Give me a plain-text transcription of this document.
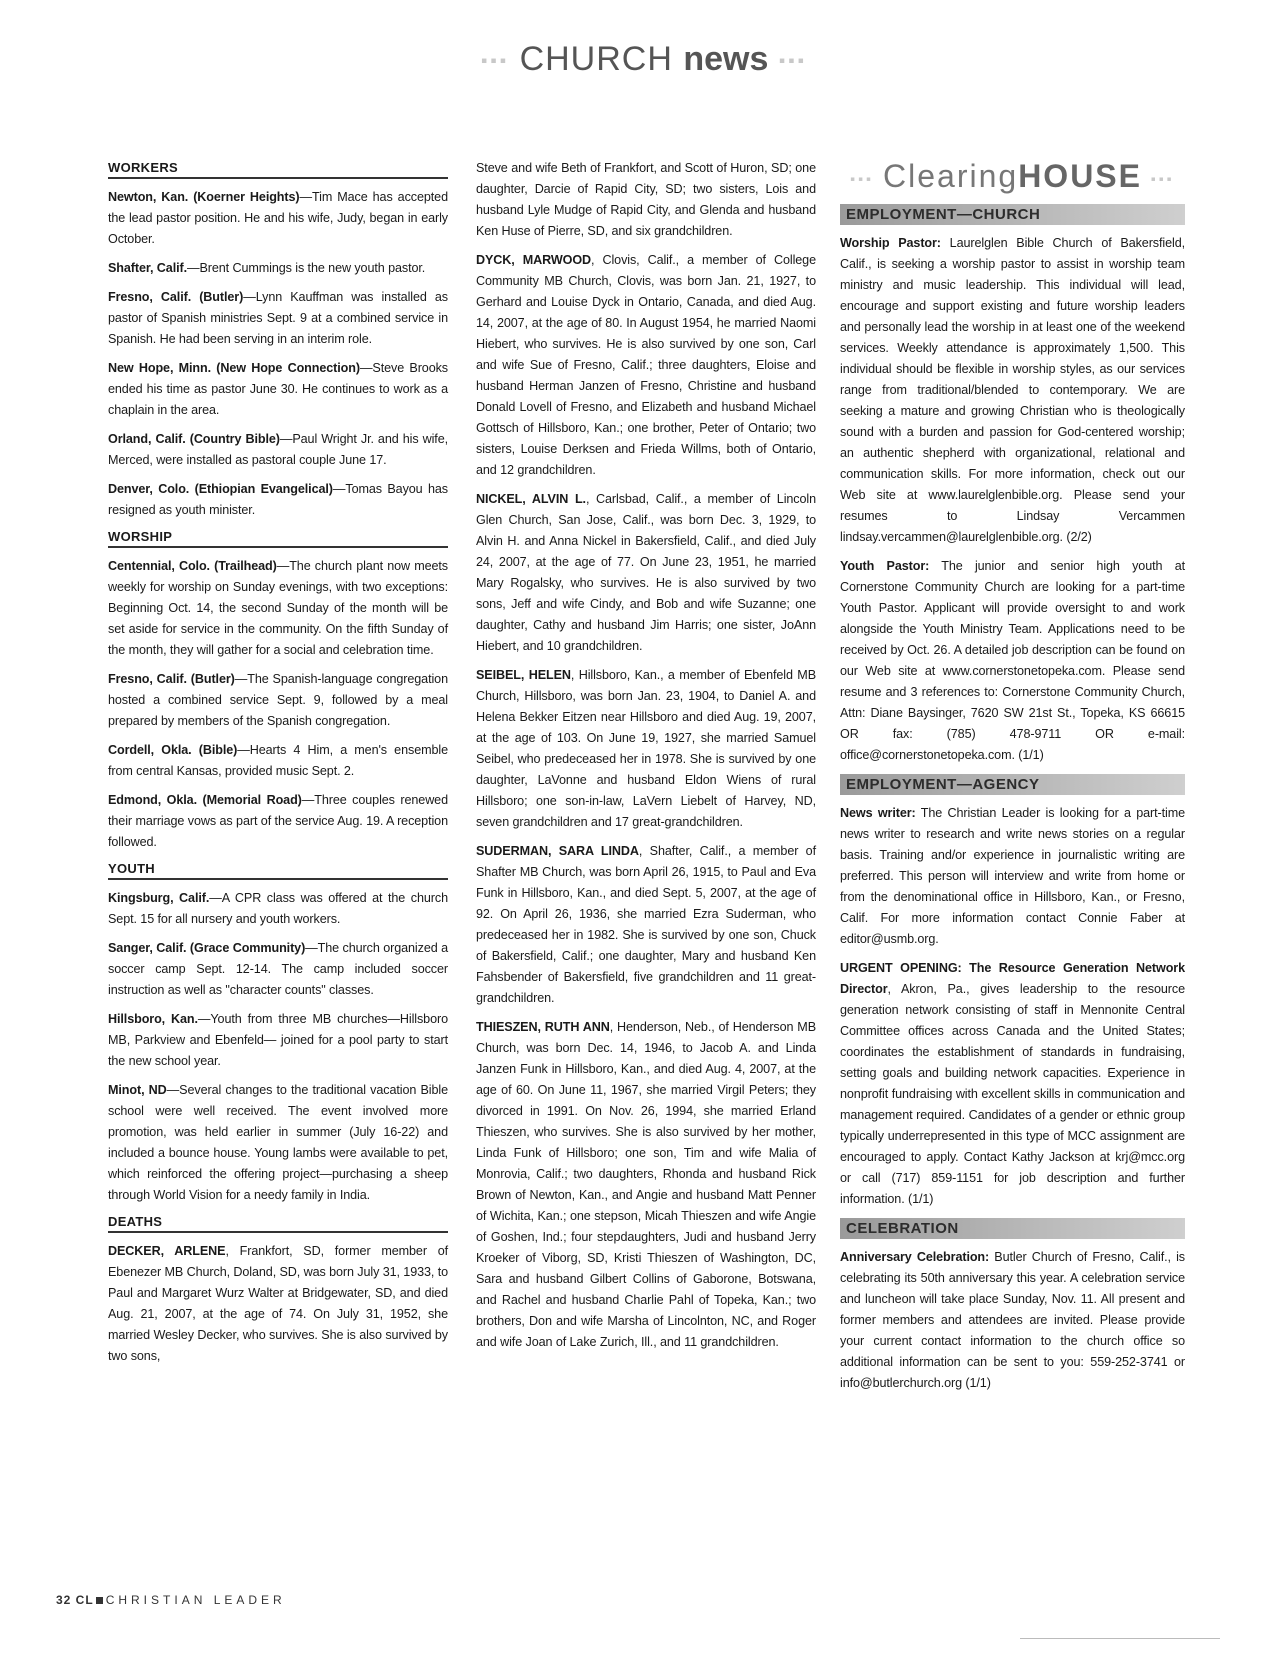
▪▪▪ CHURCH news ▪▪▪
WORKERS

Newton, Kan. (Koerner Heights)—Tim Mace has accepted the lead pastor position. He and his wife, Judy, began in early October.

Shafter, Calif.—Brent Cummings is the new youth pastor.

Fresno, Calif. (Butler)—Lynn Kauffman was installed as pastor of Spanish ministries Sept. 9 at a combined service in Spanish. He had been serving in an interim role.

New Hope, Minn. (New Hope Connection)—Steve Brooks ended his time as pastor June 30. He continues to work as a chaplain in the area.

Orland, Calif. (Country Bible)—Paul Wright Jr. and his wife, Merced, were installed as pastoral couple June 17.

Denver, Colo. (Ethiopian Evangelical)—Tomas Bayou has resigned as youth minister.

WORSHIP

Centennial, Colo. (Trailhead)—The church plant now meets weekly for worship on Sunday evenings, with two exceptions: Beginning Oct. 14, the second Sunday of the month will be set aside for service in the community. On the fifth Sunday of the month, they will gather for a social and celebration time.

Fresno, Calif. (Butler)—The Spanish-language congregation hosted a combined service Sept. 9, followed by a meal prepared by members of the Spanish congregation.

Cordell, Okla. (Bible)—Hearts 4 Him, a men's ensemble from central Kansas, provided music Sept. 2.

Edmond, Okla. (Memorial Road)—Three couples renewed their marriage vows as part of the service Aug. 19. A reception followed.

YOUTH

Kingsburg, Calif.—A CPR class was offered at the church Sept. 15 for all nursery and youth workers.

Sanger, Calif. (Grace Community)—The church organized a soccer camp Sept. 12-14. The camp included soccer instruction as well as "character counts" classes.

Hillsboro, Kan.—Youth from three MB churches—Hillsboro MB, Parkview and Ebenfeld— joined for a pool party to start the new school year.

Minot, ND—Several changes to the traditional vacation Bible school were well received. The event involved more promotion, was held earlier in summer (July 16-22) and included a bounce house. Young lambs were available to pet, which reinforced the offering project—purchasing a sheep through World Vision for a needy family in India.

DEATHS

DECKER, ARLENE, Frankfort, SD, former member of Ebenezer MB Church, Doland, SD, was born July 31, 1933, to Paul and Margaret Wurz Walter at Bridgewater, SD, and died Aug. 21, 2007, at the age of 74. On July 31, 1952, she married Wesley Decker, who survives. She is also survived by two sons,

Steve and wife Beth of Frankfort, and Scott of Huron, SD; one daughter, Darcie of Rapid City, SD; two sisters, Lois and husband Lyle Mudge of Rapid City, and Glenda and husband Ken Huse of Pierre, SD, and six grandchildren.

DYCK, MARWOOD, Clovis, Calif., a member of College Community MB Church, Clovis, was born Jan. 21, 1927, to Gerhard and Louise Dyck in Ontario, Canada, and died Aug. 14, 2007, at the age of 80. In August 1954, he married Naomi Hiebert, who survives. He is also survived by one son, Carl and wife Sue of Fresno, Calif.; three daughters, Eloise and husband Herman Janzen of Fresno, Christine and husband Donald Lovell of Fresno, and Elizabeth and husband Michael Gottsch of Hillsboro, Kan.; one brother, Peter of Ontario; two sisters, Louise Derksen and Frieda Willms, both of Ontario, and 12 grandchildren.

NICKEL, ALVIN L., Carlsbad, Calif., a member of Lincoln Glen Church, San Jose, Calif., was born Dec. 3, 1929, to Alvin H. and Anna Nickel in Bakersfield, Calif., and died July 24, 2007, at the age of 77. On June 23, 1951, he married Mary Rogalsky, who survives. He is also survived by two sons, Jeff and wife Cindy, and Bob and wife Suzanne; one daughter, Cathy and husband Jim Harris; one sister, JoAnn Hiebert, and 10 grandchildren.

SEIBEL, HELEN, Hillsboro, Kan., a member of Ebenfeld MB Church, Hillsboro, was born Jan. 23, 1904, to Daniel A. and Helena Bekker Eitzen near Hillsboro and died Aug. 19, 2007, at the age of 103. On June 19, 1927, she married Samuel Seibel, who predeceased her in 1978. She is survived by one daughter, LaVonne and husband Eldon Wiens of rural Hillsboro; one son-in-law, LaVern Liebelt of Harvey, ND, seven grandchildren and 17 great-grandchildren.

SUDERMAN, SARA LINDA, Shafter, Calif., a member of Shafter MB Church, was born April 26, 1915, to Paul and Eva Funk in Hillsboro, Kan., and died Sept. 5, 2007, at the age of 92. On April 26, 1936, she married Ezra Suderman, who predeceased her in 1982. She is survived by one son, Chuck of Bakersfield, Calif.; one daughter, Mary and husband Ken Fahsbender of Bakersfield, five grandchildren and 11 great-grandchildren.

THIESZEN, RUTH ANN, Henderson, Neb., of Henderson MB Church, was born Dec. 14, 1946, to Jacob A. and Linda Janzen Funk in Hillsboro, Kan., and died Aug. 4, 2007, at the age of 60. On June 11, 1967, she married Virgil Peters; they divorced in 1991. On Nov. 26, 1994, she married Erland Thieszen, who survives. She is also survived by her mother, Linda Funk of Hillsboro; one son, Tim and wife Malia of Monrovia, Calif.; two daughters, Rhonda and husband Rick Brown of Newton, Kan., and Angie and husband Matt Penner of Wichita, Kan.; one stepson, Micah Thieszen and wife Angie of Goshen, Ind.; four stepdaughters, Judi and husband Jerry Kroeker of Viborg, SD, Kristi Thieszen of Washington, DC, Sara and husband Gilbert Collins of Gaborone, Botswana, and Rachel and husband Charlie Pahl of Topeka, Kan.; two brothers, Don and wife Marsha of Lincolnton, NC, and Roger and wife Joan of Lake Zurich, Ill., and 11 grandchildren.

▪▪▪ ClearingHOUSE ▪▪▪
EMPLOYMENT—CHURCH

Worship Pastor: Laurelglen Bible Church of Bakersfield, Calif., is seeking a worship pastor to assist in worship team ministry and music leadership. This individual will lead, encourage and support existing and future worship leaders and personally lead the worship in at least one of the weekend services. Weekly attendance is approximately 1,500. This individual should be flexible in worship styles, as our services range from traditional/blended to contemporary. We are seeking a mature and growing Christian who is theologically sound with a burden and passion for God-centered worship; an authentic shepherd with organizational, relational and communication skills. For more information, check out our Web site at www.laurelglenbible.org. Please send your resumes to Lindsay Vercammen lindsay.vercammen@laurelglenbible.org. (2/2)

Youth Pastor: The junior and senior high youth at Cornerstone Community Church are looking for a part-time Youth Pastor. Applicant will provide oversight to and work alongside the Youth Ministry Team. Applications need to be received by Oct. 26. A detailed job description can be found on our Web site at www.cornerstonetopeka.com. Please send resume and 3 references to: Cornerstone Community Church, Attn: Diane Baysinger, 7620 SW 21st St., Topeka, KS 66615 OR fax: (785) 478-9711 OR e-mail: office@cornerstonetopeka.com. (1/1)

EMPLOYMENT—AGENCY

News writer: The Christian Leader is looking for a part-time news writer to research and write news stories on a regular basis. Training and/or experience in journalistic writing are preferred. This person will interview and write from home or from the denominational office in Hillsboro, Kan., or Fresno, Calif. For more information contact Connie Faber at editor@usmb.org.

URGENT OPENING: The Resource Generation Network Director, Akron, Pa., gives leadership to the resource generation network consisting of staff in Mennonite Central Committee offices across Canada and the United States; coordinates the establishment of standards in fundraising, setting goals and building network capacities. Experience in nonprofit fundraising with excellent skills in communication and management required. Candidates of a gender or ethnic group typically underrepresented in this type of MCC assignment are encouraged to apply. Contact Kathy Jackson at krj@mcc.org or call (717) 859-1151 for job description and further information. (1/1)

CELEBRATION

Anniversary Celebration: Butler Church of Fresno, Calif., is celebrating its 50th anniversary this year. A celebration service and luncheon will take place Sunday, Nov. 11. All present and former members and attendees are invited. Please provide your current contact information to the church office so additional information can be sent to you: 559-252-3741 or info@butlerchurch.org (1/1)

32 CL CHRISTIAN LEADER
